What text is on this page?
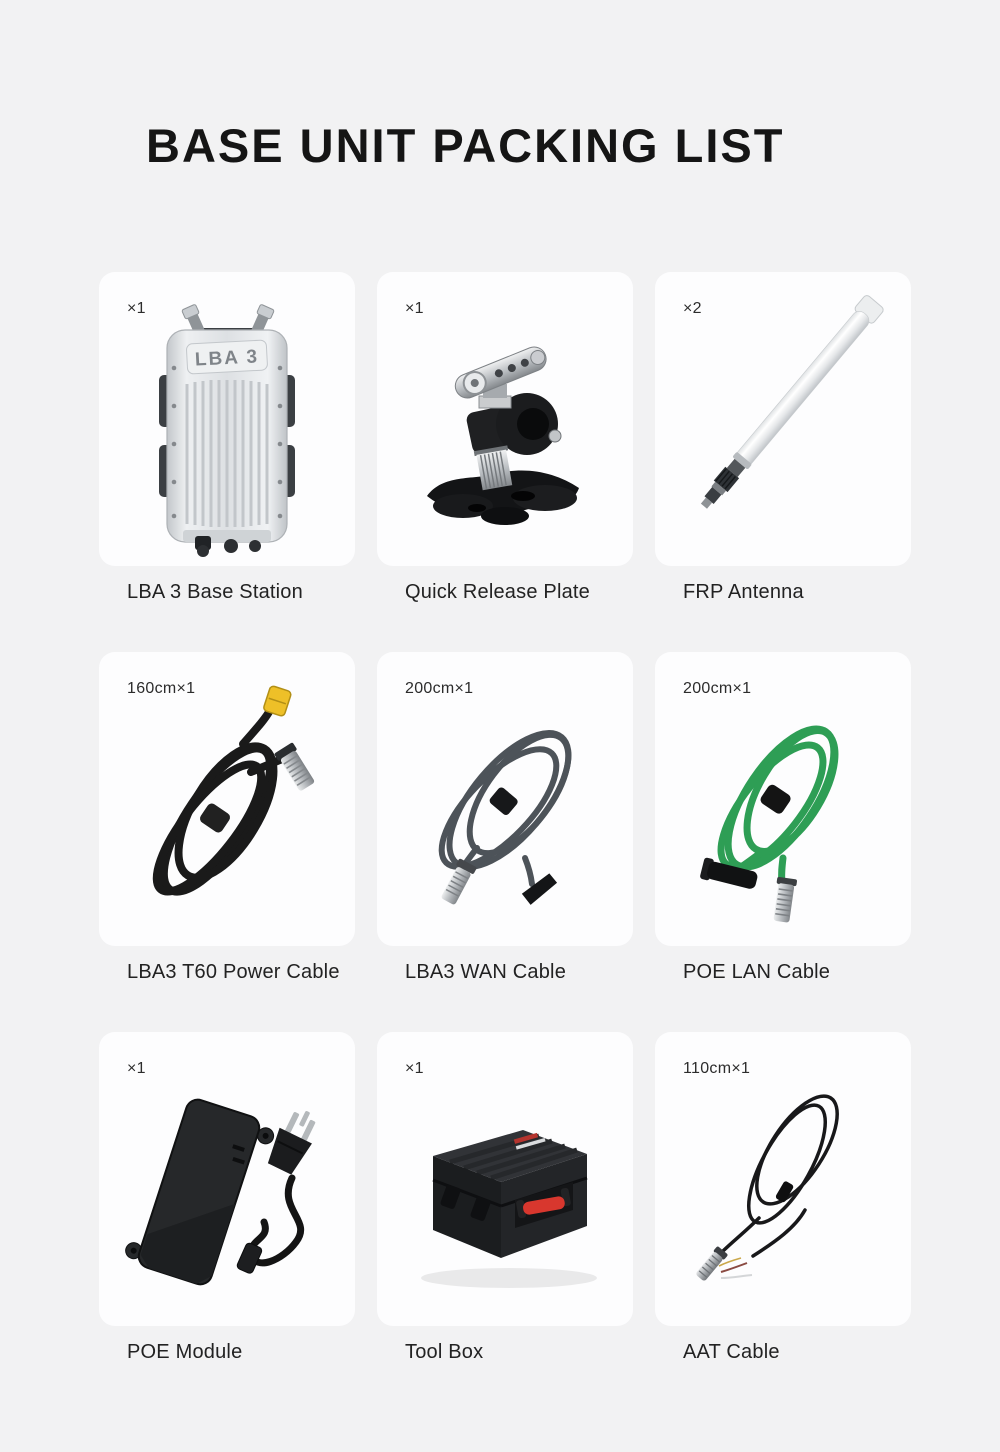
BASE UNIT PACKING LIST
×1
LBA 3
LBA 3 Base Station
×1
Quick Release Plate
×2
FRP Antenna
160cm×1
LBA3 T60 Power Cable
200cm×1
LBA3 WAN Cable
200cm×1
POE LAN Cable
×1
POE Module
×1
Tool Box
110cm×1
AAT Cable
